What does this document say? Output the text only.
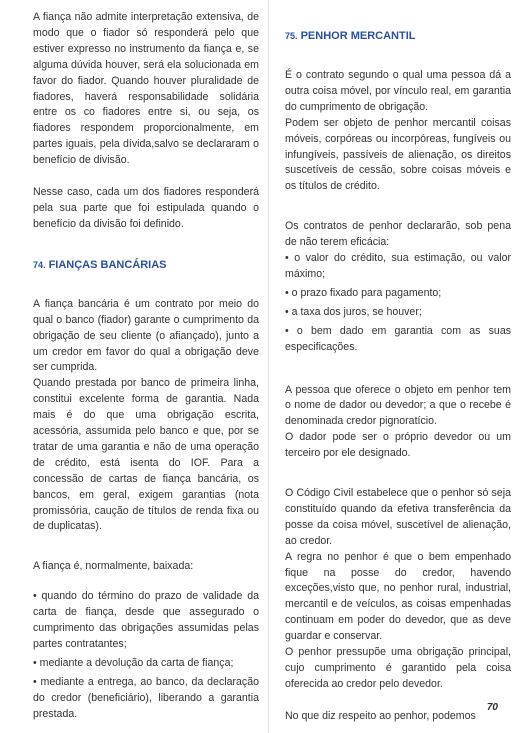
A fiança não admite interpretação extensiva, de modo que o fiador só responderá pelo que estiver expresso no instrumento da fiança e, se alguma dúvida houver, será ela solucionada em favor do fiador. Quando houver pluralidade de fiadores, haverá responsabilidade solidária entre os co fiadores entre si, ou seja, os fiadores respondem proporcionalmente, em partes iguais, pela dívida,salvo se declararam o benefício de divisão.

Nesse caso, cada um dos fiadores responderá pela sua parte que foi estipulada quando o benefício da divisão foi definido.

74. FIANÇAS BANCÁRIAS

A fiança bancária é um contrato por meio do qual o banco (fiador) garante o cumprimento da obrigação de seu cliente (o afiançado), junto a um credor em favor do qual a obrigação deve ser cumprida.

Quando prestada por banco de primeira linha, constitui excelente forma de garantia. Nada mais é do que uma obrigação escrita, acessória, assumida pelo banco e que, por se tratar de uma garantia e não de uma operação de crédito, está isenta do IOF. Para a concessão de cartas de fiança bancária, os bancos, em geral, exigem garantias (nota promissória, caução de títulos de renda fixa ou de duplicatas).

A fiança é, normalmente, baixada:

• quando do término do prazo de validade da carta de fiança, desde que assegurado o cumprimento das obrigações assumidas pelas partes contratantes;

• mediante a devolução da carta de fiança;

• mediante a entrega, ao banco, da declaração do credor (beneficiário), liberando a garantia prestada.

75. PENHOR MERCANTIL

É o contrato segundo o qual uma pessoa dá a outra coisa móvel, por vínculo real, em garantia do cumprimento de obrigação.

Podem ser objeto de penhor mercantil coisas móveis, corpóreas ou incorpóreas, fungíveis ou infungíveis, passíveis de alienação, os direitos suscetíveis de cessão, sobre coisas móveis e os títulos de crédito.

Os contratos de penhor declararão, sob pena de não terem eficácia:

• o valor do crédito, sua estimação, ou valor máximo;

• o prazo fixado para pagamento;

• a taxa dos juros, se houver;

• o bem dado em garantia com as suas especificações.

A pessoa que oferece o objeto em penhor tem o nome de dador ou devedor; a que o recebe é denominada credor pignoratício.

O dador pode ser o próprio devedor ou um terceiro por ele designado.

O Código Civil estabelece que o penhor só seja constituído quando da efetiva transferência da posse da coisa móvel, suscetível de alienação, ao credor.

A regra no penhor é que o bem empenhado fique na posse do credor, havendo exceções,visto que, no penhor rural, industrial, mercantil e de veículos, as coisas empenhadas continuam em poder do devedor, que as deve guardar e conservar.

O penhor pressupõe uma obrigação principal, cujo cumprimento é garantido pela coisa oferecida ao credor pelo devedor.

No que diz respeito ao penhor, podemos

70
